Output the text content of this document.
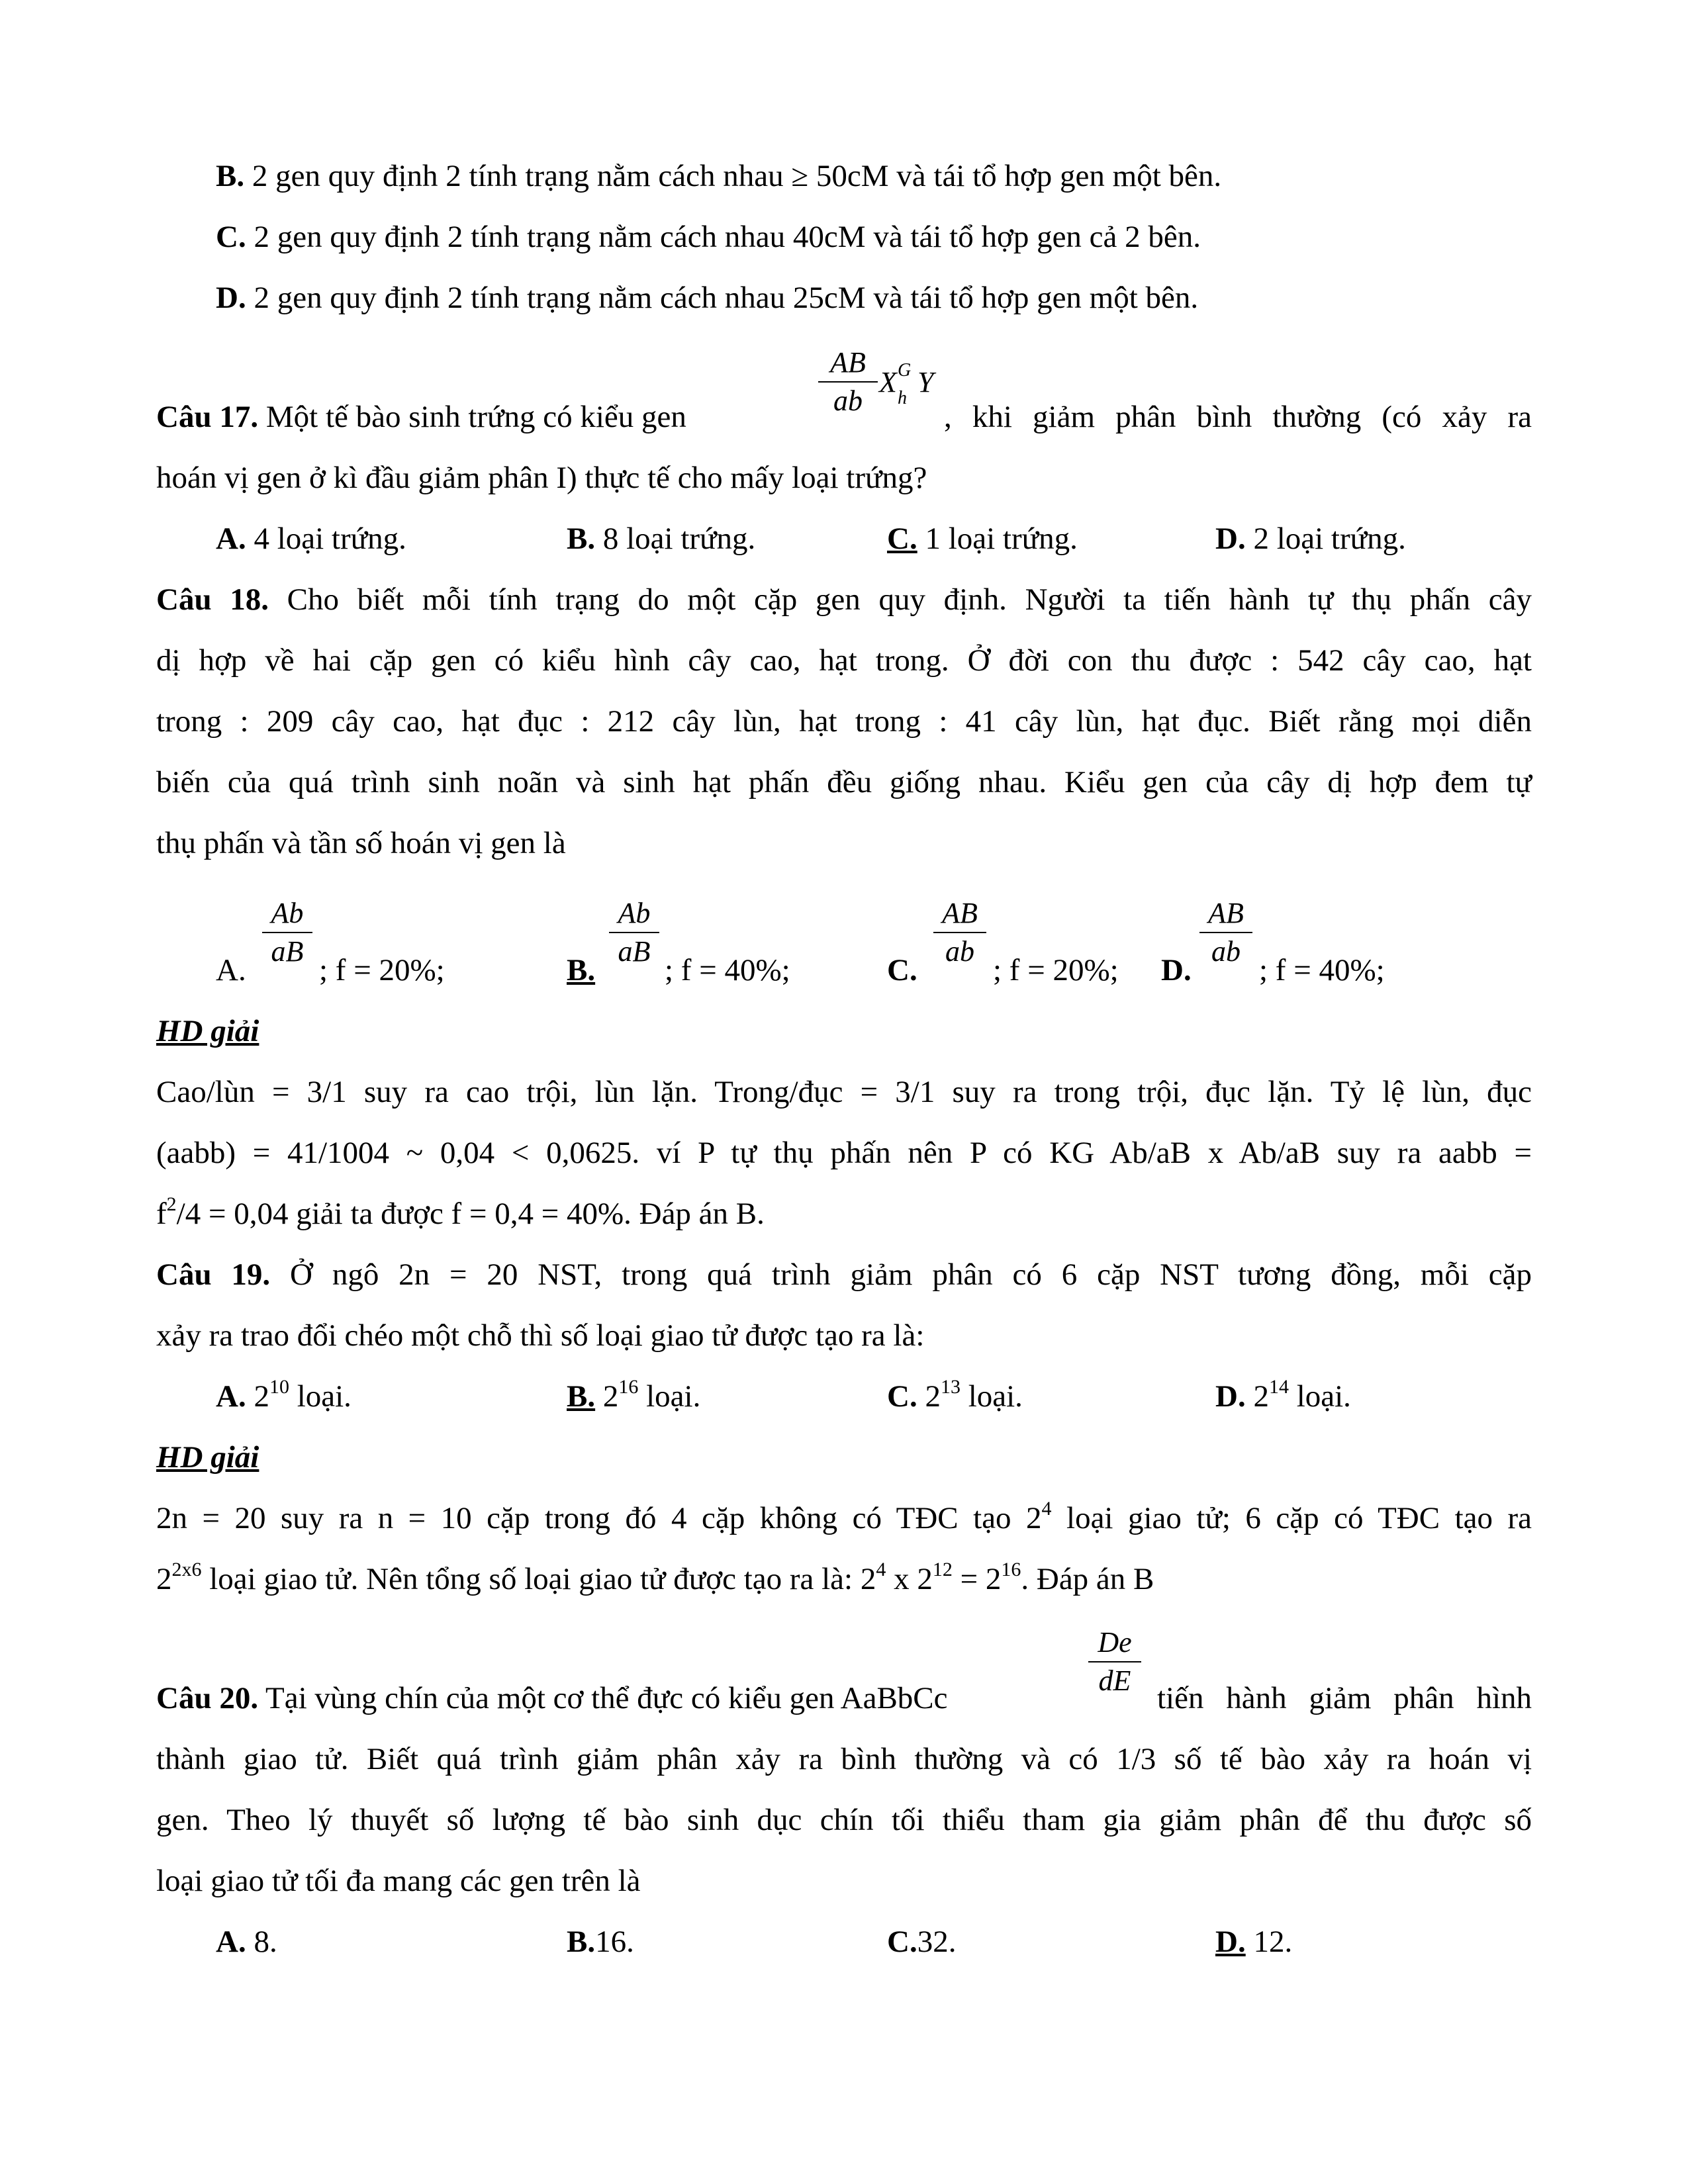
B. 2 gen quy định 2 tính trạng nằm cách nhau ≥ 50cM và tái tổ hợp gen một bên.
C. 2 gen quy định 2 tính trạng nằm cách nhau 40cM và tái tổ hợp gen cả 2 bên.
D. 2 gen quy định 2 tính trạng nằm cách nhau 25cM và tái tổ hợp gen một bên.
Câu 17. Một tế bào sinh trứng có kiểu gen
AB
ab
X G
h Y
, khi giảm phân bình thường (có xảy ra
hoán vị gen ở kì đầu giảm phân I) thực tế cho mấy loại trứng?
A. 4 loại trứng.	B. 8 loại trứng.	C. 1 loại trứng.	D. 2 loại trứng.
Câu 18. Cho biết mỗi tính trạng do một cặp gen quy định. Người ta tiến hành tự thụ phấn cây
dị hợp về hai cặp gen có kiểu hình cây cao, hạt trong. Ở đời con thu được : 542 cây cao, hạt
trong : 209 cây cao, hạt đục : 212 cây lùn, hạt trong : 41 cây lùn, hạt đục. Biết rằng mọi diễn
biến của quá trình sinh noãn và sinh hạt phấn đều giống nhau. Kiểu gen của cây dị hợp đem tự
thụ phấn và tần số hoán vị gen là
A.
Ab
aB
; f = 20%;	B.
Ab
aB
; f = 40%;	C.
AB
ab
; f = 20%; D.
AB
ab
; f = 40%;
HD giải
Cao/lùn = 3/1 suy ra cao trội, lùn lặn. Trong/đục = 3/1 suy ra trong trội, đục lặn. Tỷ lệ lùn, đục
(aabb) = 41/1004 ~ 0,04 < 0,0625. ví P tự thụ phấn nên P có KG Ab/aB x Ab/aB suy ra aabb =
$f^2/4 = 0,04$ giải ta được f = 0,4 = 40%. Đáp án B.
Câu 19. Ở ngô 2n = 20 NST, trong quá trình giảm phân có 6 cặp NST tương đồng, mỗi cặp
xảy ra trao đổi chéo một chỗ thì số loại giao tử được tạo ra là:
A. $2^{10}$ loại.	B. $2^{16}$ loại.	C. $2^{13}$ loại.	D. $2^{14}$ loại.
HD giải
2n = 20 suy ra n = 10 cặp trong đó 4 cặp không có TĐC tạo $2^4$ loại giao tử; 6 cặp có TĐC tạo ra
$2^{2x6}$ loại giao tử. Nên tổng số loại giao tử được tạo ra là: $2^4$ x $2^{12} = 2^{16}$. Đáp án B
Câu 20. Tại vùng chín của một cơ thể đực có kiểu gen AaBbCc
De
dE
tiến hành giảm phân hình
thành giao tử. Biết quá trình giảm phân xảy ra bình thường và có 1/3 số tế bào xảy ra hoán vị
gen. Theo lý thuyết số lượng tế bào sinh dục chín tối thiểu tham gia giảm phân để thu được số
loại giao tử tối đa mang các gen trên là
A. 8.	B.16.	C.32.	D. 12.
